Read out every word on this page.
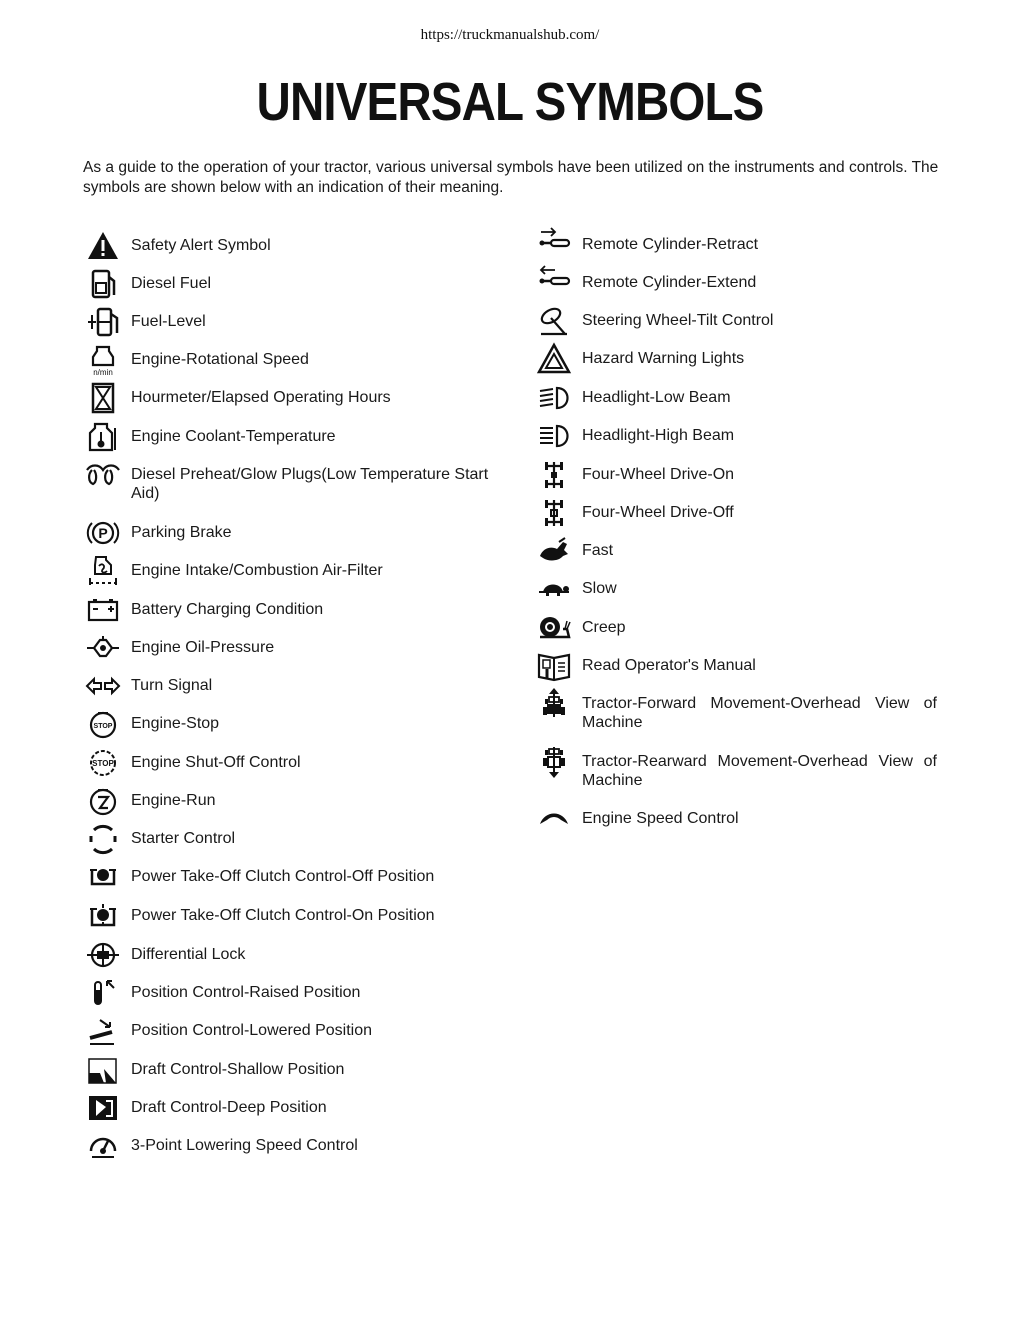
https://truckmanualshub.com/
UNIVERSAL SYMBOLS
As a guide to the operation of your tractor, various universal symbols have been utilized on the instruments and controls. The symbols are shown below with an indication of their meaning.
Safety Alert Symbol
Diesel Fuel
Fuel-Level
n/min
Engine-Rotational Speed
Hourmeter/Elapsed Operating Hours
Engine Coolant-Temperature
Diesel Preheat/Glow Plugs(Low Temperature Start Aid)
P Parking Brake
Engine Intake/Combustion Air-Filter
Battery Charging Condition
Engine Oil-Pressure
Turn Signal
STOP Engine-Stop
STOP Engine Shut-Off Control
Engine-Run
Starter Control
Power Take-Off Clutch Control-Off Position
Power Take-Off Clutch Control-On Position
Differential Lock
Position Control-Raised Position
Position Control-Lowered Position
Draft Control-Shallow Position
Draft Control-Deep Position
3-Point Lowering Speed Control
Remote Cylinder-Retract
Remote Cylinder-Extend
Steering Wheel-Tilt Control
Hazard Warning Lights
Headlight-Low Beam
Headlight-High Beam
Four-Wheel Drive-On
Four-Wheel Drive-Off
Fast
Slow
Creep
Read Operator's Manual
Tractor-Forward Movement-Overhead View of Machine
Tractor-Rearward Movement-Overhead View of Machine
Engine Speed Control
